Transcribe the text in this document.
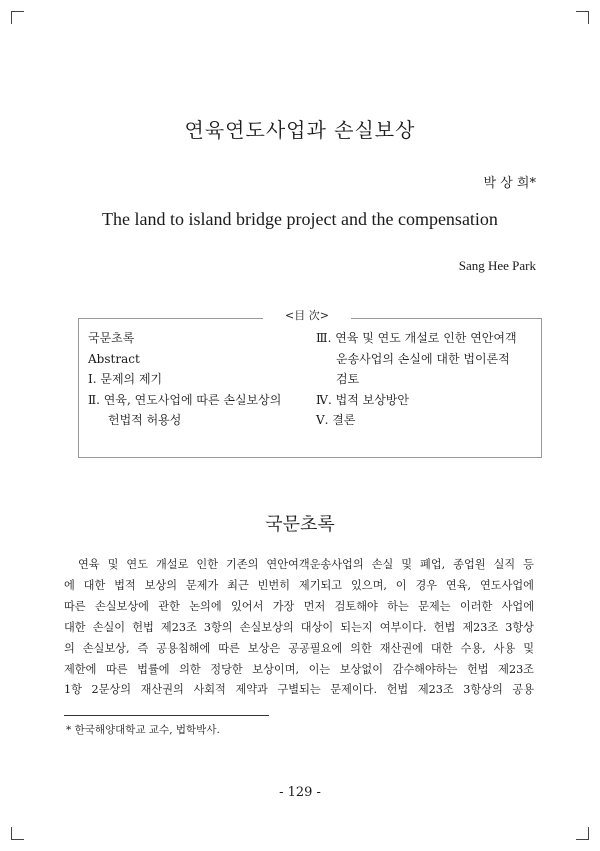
연육연도사업과 손실보상
박 상 희*
The land to island bridge project and the compensation
Sang Hee Park
<目 次>
국문초록
Abstract
Ⅰ. 문제의 제기
Ⅱ. 연육, 연도사업에 따른 손실보상의
헌법적 허용성
Ⅲ. 연육 및 연도 개설로 인한 연안여객
운송사업의 손실에 대한 법이론적
검토
Ⅳ. 법적 보상방안
Ⅴ. 결론
국문초록
연육 및 연도 개설로 인한 기존의 연안여객운송사업의 손실 및 폐업, 종업원 실직 등
에 대한 법적 보상의 문제가 최근 빈번히 제기되고 있으며, 이 경우 연육, 연도사업에
따른 손실보상에 관한 논의에 있어서 가장 먼저 검토해야 하는 문제는 이러한 사업에
대한 손실이 헌법 제23조 3항의 손실보상의 대상이 되는지 여부이다. 헌법 제23조 3항상
의 손실보상, 즉 공용침해에 따른 보상은 공공필요에 의한 재산권에 대한 수용, 사용 및
제한에 따른 법률에 의한 정당한 보상이며, 이는 보상없이 감수해야하는 헌법 제23조
1항 2문상의 재산권의 사회적 제약과 구별되는 문제이다. 헌법 제23조 3항상의 공용
* 한국해양대학교 교수, 법학박사.
- 129 -
